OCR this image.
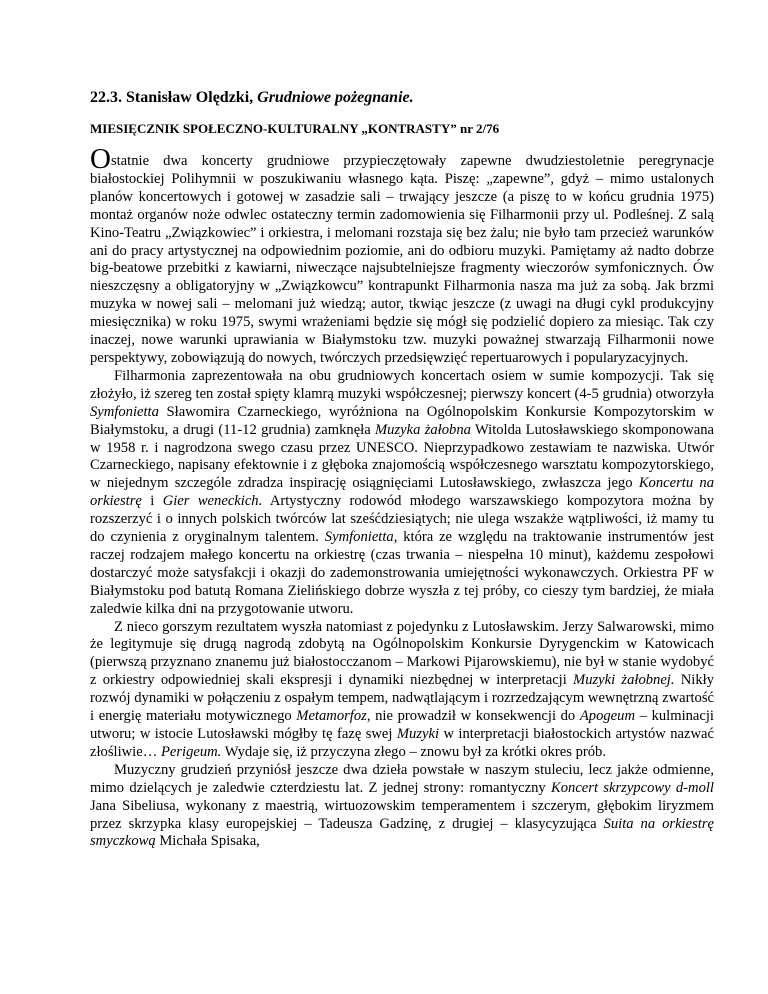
22.3. Stanisław Olędzki, Grudniowe pożegnanie.
MIESIĘCZNIK SPOŁECZNO-KULTURALNY „KONTRASTY” nr 2/76

Ostatnie dwa koncerty grudniowe przypieczętowały zapewne dwudziestoletnie peregrynacje białostockiej Polihymnii w poszukiwaniu własnego kąta. Piszę: „zapewne”, gdyż – mimo ustalonych planów koncertowych i gotowej w zasadzie sali – trwający jeszcze (a piszę to w końcu grudnia 1975) montaż organów noże odwlec ostateczny termin zadomowienia się Filharmonii przy ul. Podleśnej. Z salą Kino-Teatru „Związkowiec” i orkiestra, i melomani rozstaja się bez żalu; nie było tam przecież warunków ani do pracy artystycznej na odpowiednim poziomie, ani do odbioru muzyki. Pamiętamy aż nadto dobrze big-beatowe przebitki z kawiarni, niweczące najsubtelniejsze fragmenty wieczorów symfonicznych. Ów nieszczęsny a obligatoryjny w „Związkowcu” kontrapunkt Filharmonia nasza ma już za sobą. Jak brzmi muzyka w nowej sali – melomani już wiedzą; autor, tkwiąc jeszcze (z uwagi na długi cykl produkcyjny miesięcznika) w roku 1975, swymi wrażeniami będzie się mógł się podzielić dopiero za miesiąc. Tak czy inaczej, nowe warunki uprawiania w Białymstoku tzw. muzyki poważnej stwarzają Filharmonii nowe perspektywy, zobowiązują do nowych, twórczych przedsięwzięć repertuarowych i popularyzacyjnych.

Filharmonia zaprezentowała na obu grudniowych koncertach osiem w sumie kompozycji. Tak się złożyło, iż szereg ten został spięty klamrą muzyki współczesnej; pierwszy koncert (4-5 grudnia) otworzyła Symfonietta Sławomira Czarneckiego, wyróżniona na Ogólnopolskim Konkursie Kompozytorskim w Białymstoku, a drugi (11-12 grudnia) zamknęła Muzyka żałobna Witolda Lutosławskiego skomponowana w 1958 r. i nagrodzona swego czasu przez UNESCO. Nieprzypadkowo zestawiam te nazwiska. Utwór Czarneckiego, napisany efektownie i z głęboka znajomością współczesnego warsztatu kompozytorskiego, w niejednym szczególe zdradza inspirację osiągnięciami Lutosławskiego, zwłaszcza jego Koncertu na orkiestrę i Gier weneckich. Artystyczny rodowód młodego warszawskiego kompozytora można by rozszerzyć i o innych polskich twórców lat sześćdziesiątych; nie ulega wszakże wątpliwości, iż mamy tu do czynienia z oryginalnym talentem. Symfonietta, która ze względu na traktowanie instrumentów jest raczej rodzajem małego koncertu na orkiestrę (czas trwania – niespełna 10 minut), każdemu zespołowi dostarczyć może satysfakcji i okazji do zademonstrowania umiejętności wykonawczych. Orkiestra PF w Białymstoku pod batutą Romana Zielińskiego dobrze wyszła z tej próby, co cieszy tym bardziej, że miała zaledwie kilka dni na przygotowanie utworu.

Z nieco gorszym rezultatem wyszła natomiast z pojedynku z Lutosławskim. Jerzy Salwarowski, mimo że legitymuje się drugą nagrodą zdobytą na Ogólnopolskim Konkursie Dyrygenckim w Katowicach (pierwszą przyznano znanemu już białostocczanom – Markowi Pijarowskiemu), nie był w stanie wydobyć z orkiestry odpowiedniej skali ekspresji i dynamiki niezbędnej w interpretacji Muzyki żałobnej. Nikły rozwój dynamiki w połączeniu z ospałym tempem, nadwątlającym i rozrzedzającym wewnętrzną zwartość i energię materiału motywicznego Metamorfoz, nie prowadził w konsekwencji do Apogeum – kulminacji utworu; w istocie Lutosławski mógłby tę fazę swej Muzyki w interpretacji białostockich artystów nazwać złośliwie… Perigeum. Wydaje się, iż przyczyna złego – znowu był za krótki okres prób.

Muzyczny grudzień przyniósł jeszcze dwa dzieła powstałe w naszym stuleciu, lecz jakże odmienne, mimo dzielących je zaledwie czterdziestu lat. Z jednej strony: romantyczny Koncert skrzypcowy d-moll Jana Sibeliusa, wykonany z maestrią, wirtuozowskim temperamentem i szczerym, głębokim liryzmem przez skrzypka klasy europejskiej – Tadeusza Gadzinę, z drugiej – klasycyzująca Suita na orkiestrę smyczkową Michała Spisaka,
